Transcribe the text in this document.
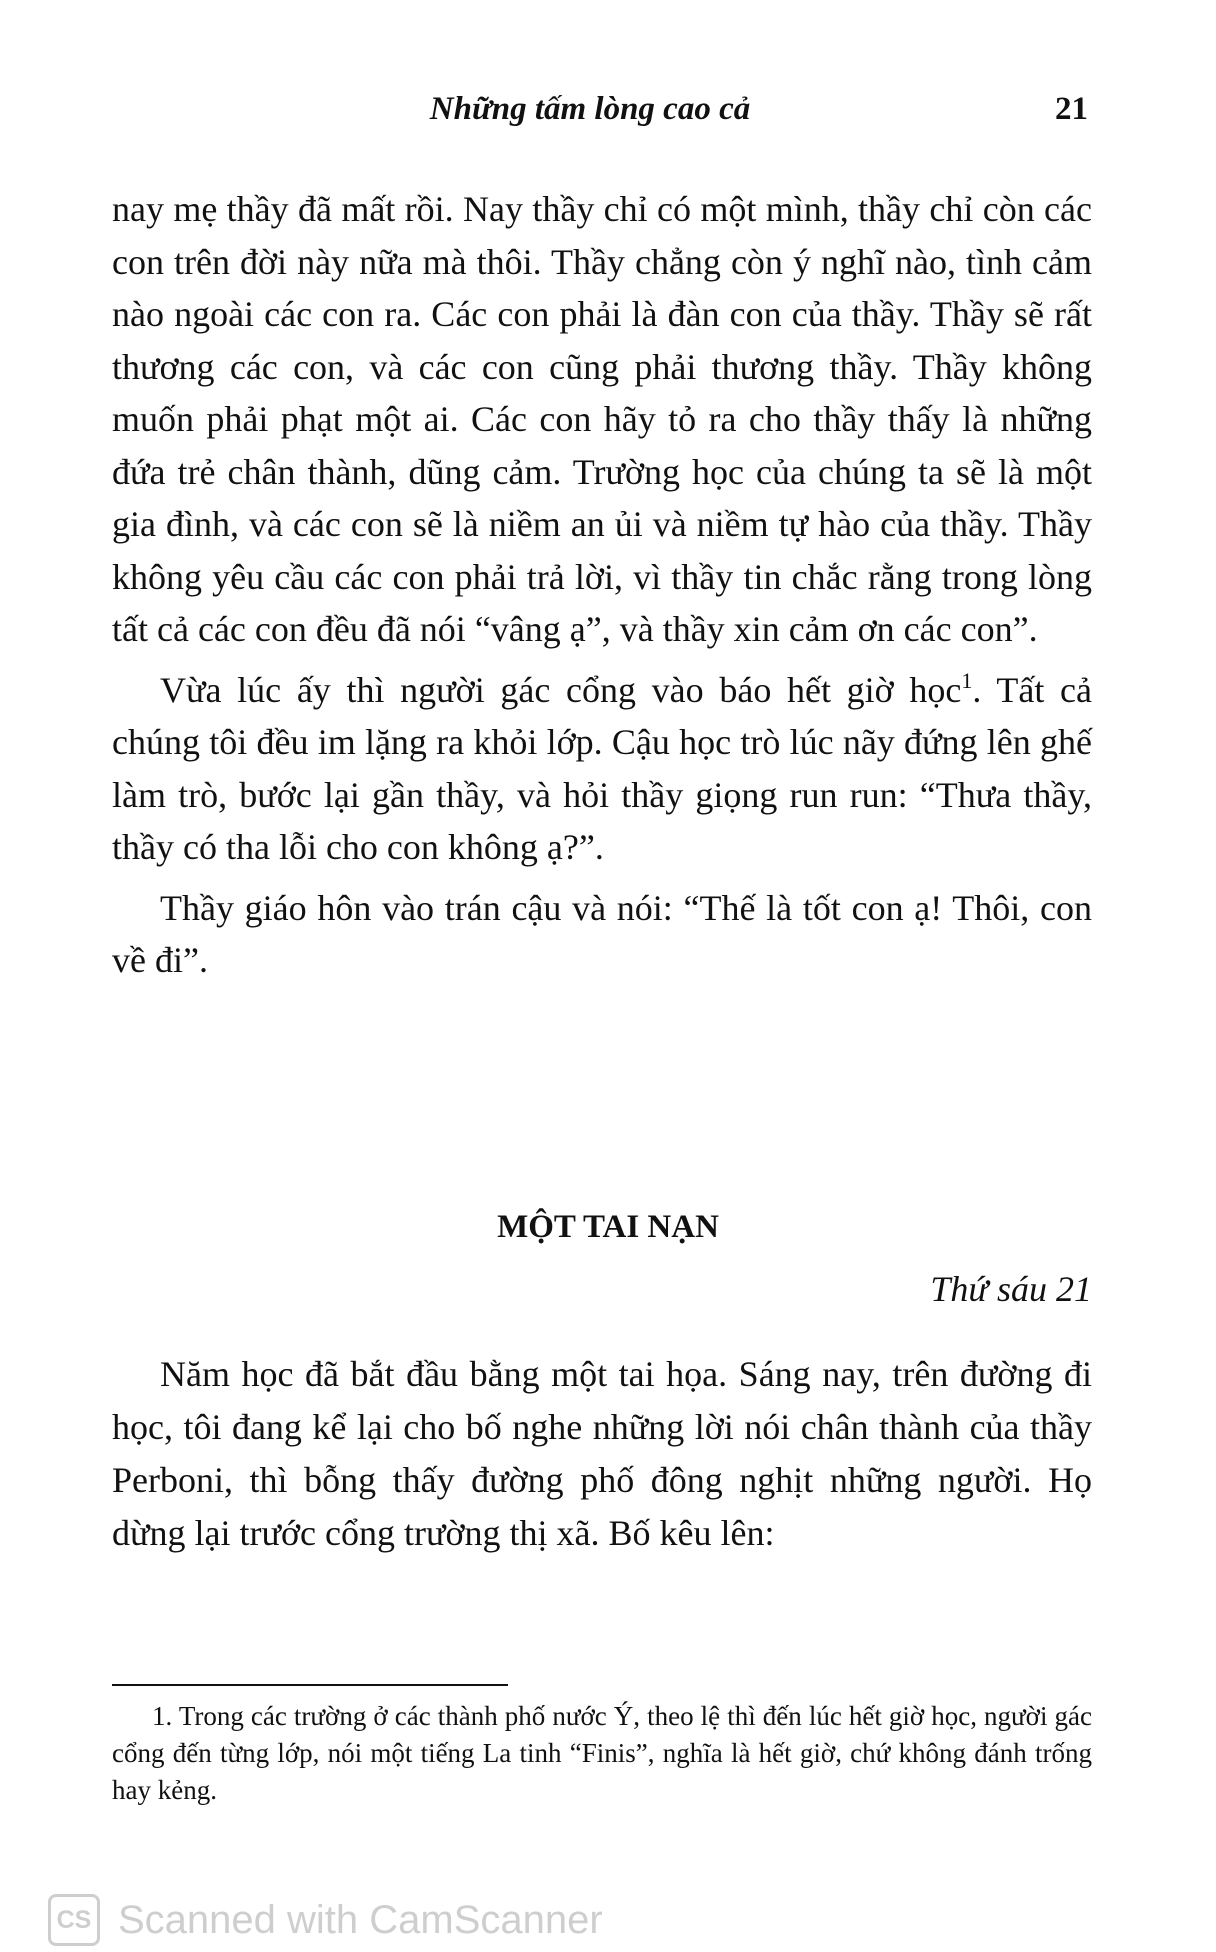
Những tấm lòng cao cả	21

nay mẹ thầy đã mất rồi. Nay thầy chỉ có một mình, thầy chỉ còn các con trên đời này nữa mà thôi. Thầy chẳng còn ý nghĩ nào, tình cảm nào ngoài các con ra. Các con phải là đàn con của thầy. Thầy sẽ rất thương các con, và các con cũng phải thương thầy. Thầy không muốn phải phạt một ai. Các con hãy tỏ ra cho thầy thấy là những đứa trẻ chân thành, dũng cảm. Trường học của chúng ta sẽ là một gia đình, và các con sẽ là niềm an ủi và niềm tự hào của thầy. Thầy không yêu cầu các con phải trả lời, vì thầy tin chắc rằng trong lòng tất cả các con đều đã nói “vâng ạ”, và thầy xin cảm ơn các con”.

Vừa lúc ấy thì người gác cổng vào báo hết giờ học$^1$. Tất cả chúng tôi đều im lặng ra khỏi lớp. Cậu học trò lúc nãy đứng lên ghế làm trò, bước lại gần thầy, và hỏi thầy giọng run run: “Thưa thầy, thầy có tha lỗi cho con không ạ?”.

Thầy giáo hôn vào trán cậu và nói: “Thế là tốt con ạ! Thôi, con về đi”.

MỘT TAI NẠN
Thứ sáu 21

Năm học đã bắt đầu bằng một tai họa. Sáng nay, trên đường đi học, tôi đang kể lại cho bố nghe những lời nói chân thành của thầy Perboni, thì bỗng thấy đường phố đông nghịt những người. Họ dừng lại trước cổng trường thị xã. Bố kêu lên:

1. Trong các trường ở các thành phố nước Ý, theo lệ thì đến lúc hết giờ học, người gác cổng đến từng lớp, nói một tiếng La tinh “Finis”, nghĩa là hết giờ, chứ không đánh trống hay kẻng.
CS Scanned with CamScanner
